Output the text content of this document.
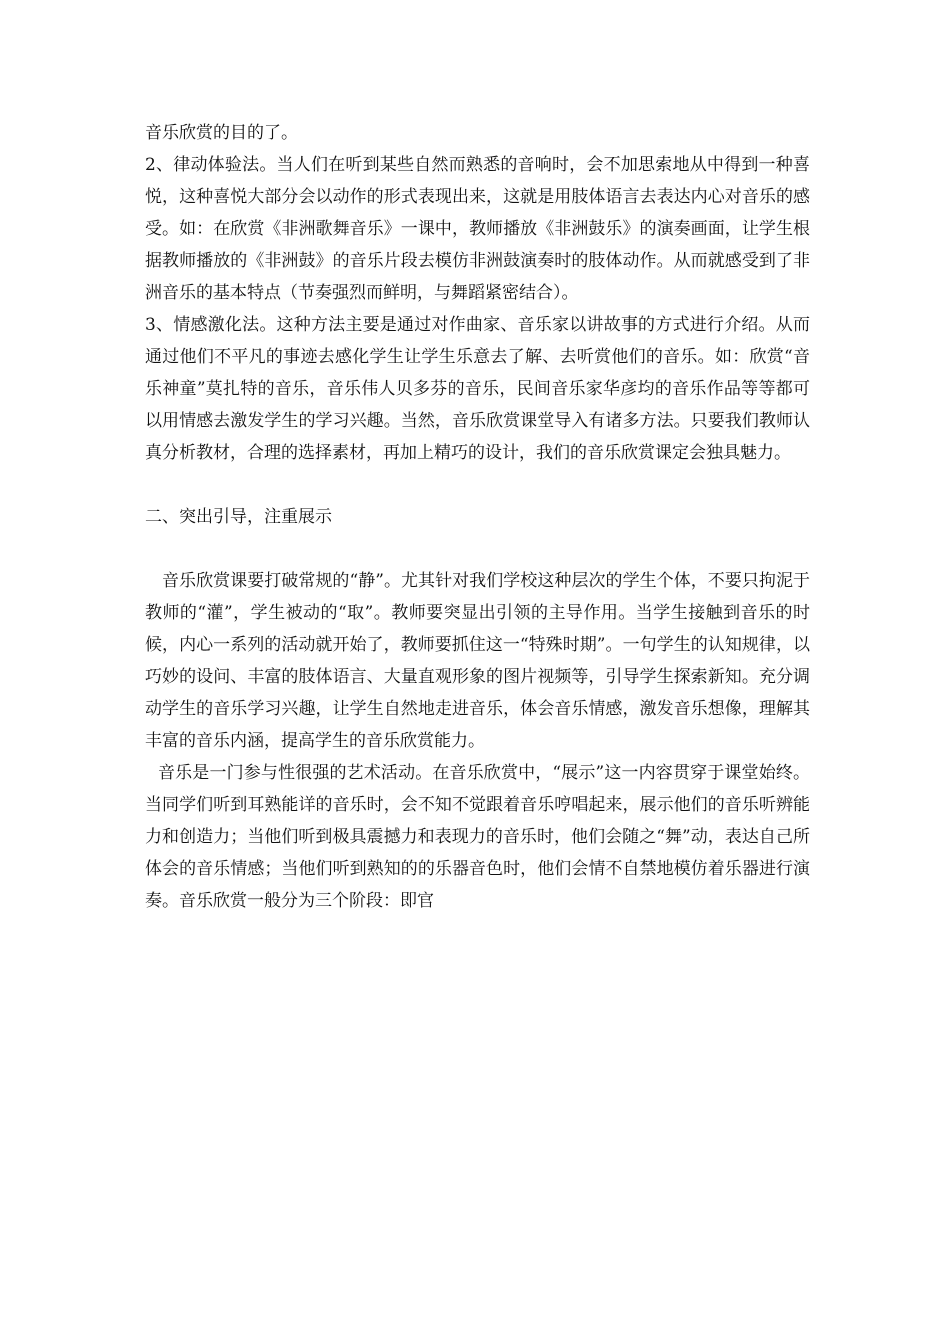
音乐欣赏的目的了。

2、律动体验法。当人们在听到某些自然而熟悉的音响时，会不加思索地从中得到一种喜悦，这种喜悦大部分会以动作的形式表现出来，这就是用肢体语言去表达内心对音乐的感受。如：在欣赏《非洲歌舞音乐》一课中，教师播放《非洲鼓乐》的演奏画面，让学生根据教师播放的《非洲鼓》的音乐片段去模仿非洲鼓演奏时的肢体动作。从而就感受到了非洲音乐的基本特点（节奏强烈而鲜明，与舞蹈紧密结合）。

3、情感激化法。这种方法主要是通过对作曲家、音乐家以讲故事的方式进行介绍。从而通过他们不平凡的事迹去感化学生让学生乐意去了解、去听赏他们的音乐。如：欣赏“音乐神童”莫扎特的音乐，音乐伟人贝多芬的音乐，民间音乐家华彦均的音乐作品等等都可以用情感去激发学生的学习兴趣。当然，音乐欣赏课堂导入有诸多方法。只要我们教师认真分析教材，合理的选择素材，再加上精巧的设计，我们的音乐欣赏课定会独具魅力。

二、突出引导，注重展示

音乐欣赏课要打破常规的“静”。尤其针对我们学校这种层次的学生个体，不要只拘泥于教师的“灌”，学生被动的“取”。教师要突显出引领的主导作用。当学生接触到音乐的时候，内心一系列的活动就开始了，教师要抓住这一“特殊时期”。一句学生的认知规律，以巧妙的设问、丰富的肢体语言、大量直观形象的图片视频等，引导学生探索新知。充分调动学生的音乐学习兴趣，让学生自然地走进音乐，体会音乐情感，激发音乐想像，理解其丰富的音乐内涵，提高学生的音乐欣赏能力。

音乐是一门参与性很强的艺术活动。在音乐欣赏中，“展示”这一内容贯穿于课堂始终。当同学们听到耳熟能详的音乐时，会不知不觉跟着音乐哼唱起来，展示他们的音乐听辨能力和创造力；当他们听到极具震撼力和表现力的音乐时，他们会随之“舞”动，表达自己所体会的音乐情感；当他们听到熟知的的乐器音色时，他们会情不自禁地模仿着乐器进行演奏。音乐欣赏一般分为三个阶段：即官
